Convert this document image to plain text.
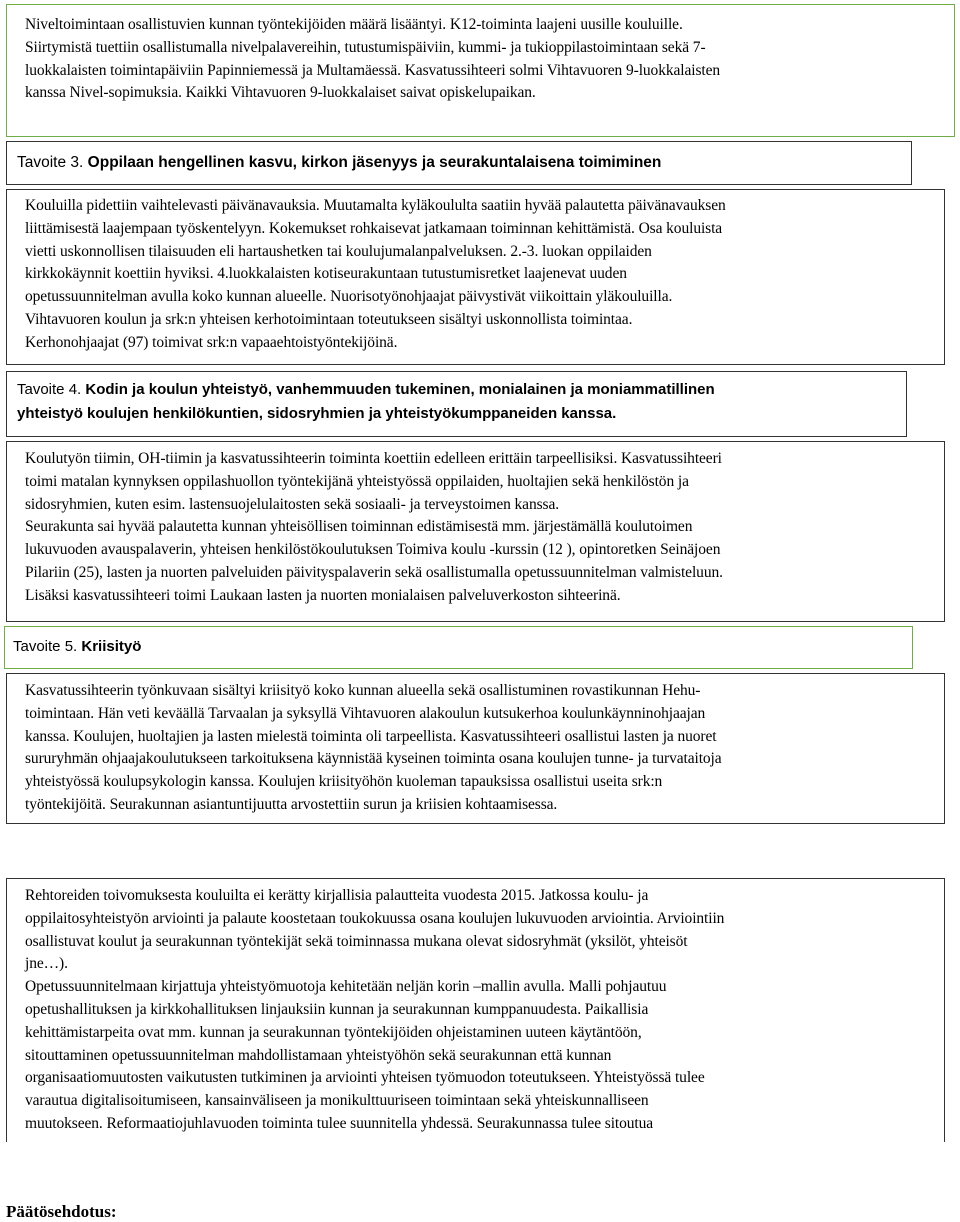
Niveltoimintaan osallistuvien kunnan työntekijöiden määrä lisääntyi. K12-toiminta laajeni uusille kouluille.

Siirtymistä tuettiin osallistumalla nivelpalavereihin, tutustumispäiviin, kummi- ja tukioppilastoimintaan sekä 7-

luokkalaisten toimintapäiviin Papinniemessä ja Multamäessä. Kasvatussihteeri solmi Vihtavuoren 9-luokkalaisten

kanssa Nivel-sopimuksia. Kaikki Vihtavuoren 9-luokkalaiset saivat opiskelupaikan.

Tavoite 3. Oppilaan hengellinen kasvu, kirkon jäsenyys ja seurakuntalaisena toimiminen

Kouluilla pidettiin vaihtelevasti päivänavauksia. Muutamalta kyläkoululta saatiin hyvää palautetta päivänavauksen

liittämisestä laajempaan työskentelyyn. Kokemukset rohkaisevat jatkamaan toiminnan kehittämistä. Osa kouluista

vietti uskonnollisen tilaisuuden eli hartaushetken tai koulujumalanpalveluksen. 2.-3. luokan oppilaiden

kirkkokäynnit koettiin hyviksi. 4.luokkalaisten kotiseurakuntaan tutustumisretket laajenevat uuden

opetussuunnitelman avulla koko kunnan alueelle. Nuorisotyönohjaajat päivystivät viikoittain yläkouluilla.

Vihtavuoren koulun ja srk:n yhteisen kerhotoimintaan toteutukseen sisältyi uskonnollista toimintaa.

Kerhonohjaajat (97) toimivat srk:n vapaaehtoistyöntekijöinä.

Tavoite 4. Kodin ja koulun yhteistyö, vanhemmuuden tukeminen, monialainen ja moniammatillinen
yhteistyö koulujen henkilökuntien, sidosryhmien ja yhteistyökumppaneiden kanssa.

Koulutyön tiimin, OH-tiimin ja kasvatussihteerin toiminta koettiin edelleen erittäin tarpeellisiksi. Kasvatussihteeri

toimi matalan kynnyksen oppilashuollon työntekijänä yhteistyössä oppilaiden, huoltajien sekä henkilöstön ja

sidosryhmien, kuten esim. lastensuojelulaitosten sekä sosiaali- ja terveystoimen kanssa.

Seurakunta sai hyvää palautetta kunnan yhteisöllisen toiminnan edistämisestä mm. järjestämällä koulutoimen

lukuvuoden avauspalaverin, yhteisen henkilöstökoulutuksen Toimiva koulu -kurssin (12 ), opintoretken Seinäjoen

Pilariin (25), lasten ja nuorten palveluiden päivityspalaverin sekä osallistumalla opetussuunnitelman valmisteluun.

Lisäksi kasvatussihteeri toimi Laukaan lasten ja nuorten monialaisen palveluverkoston sihteerinä.

Tavoite 5. Kriisityö

Kasvatussihteerin työnkuvaan sisältyi kriisityö koko kunnan alueella sekä osallistuminen rovastikunnan Hehu-

toimintaan. Hän veti keväällä Tarvaalan ja syksyllä Vihtavuoren alakoulun kutsukerhoa koulunkäynninohjaajan

kanssa. Koulujen, huoltajien ja lasten mielestä toiminta oli tarpeellista. Kasvatussihteeri osallistui lasten ja nuoret

sururyhmän ohjaajakoulutukseen tarkoituksena käynnistää kyseinen toiminta osana koulujen tunne- ja turvataitoja

yhteistyössä koulupsykologin kanssa. Koulujen kriisityöhön kuoleman tapauksissa osallistui useita srk:n

työntekijöitä. Seurakunnan asiantuntijuutta arvostettiin surun ja kriisien kohtaamisessa.

Rehtoreiden toivomuksesta kouluilta ei kerätty kirjallisia palautteita vuodesta 2015. Jatkossa koulu- ja

oppilaitosyhteistyön arviointi ja palaute koostetaan toukokuussa osana koulujen lukuvuoden arviointia. Arviointiin

osallistuvat koulut ja seurakunnan työntekijät sekä toiminnassa mukana olevat sidosryhmät (yksilöt, yhteisöt

jne…).

Opetussuunnitelmaan kirjattuja yhteistyömuotoja kehitetään neljän korin –mallin avulla. Malli pohjautuu

opetushallituksen ja kirkkohallituksen linjauksiin kunnan ja seurakunnan kumppanuudesta. Paikallisia

kehittämistarpeita ovat mm. kunnan ja seurakunnan työntekijöiden ohjeistaminen uuteen käytäntöön,

sitouttaminen opetussuunnitelman mahdollistamaan yhteistyöhön sekä seurakunnan että kunnan

organisaatiomuutosten vaikutusten tutkiminen ja arviointi yhteisen työmuodon toteutukseen. Yhteistyössä tulee

varautua digitalisoitumiseen, kansainväliseen ja monikulttuuriseen toimintaan sekä yhteiskunnalliseen

muutokseen. Reformaatiojuhlavuoden toiminta tulee suunnitella yhdessä. Seurakunnassa tulee sitoutua

Päätösehdotus:
